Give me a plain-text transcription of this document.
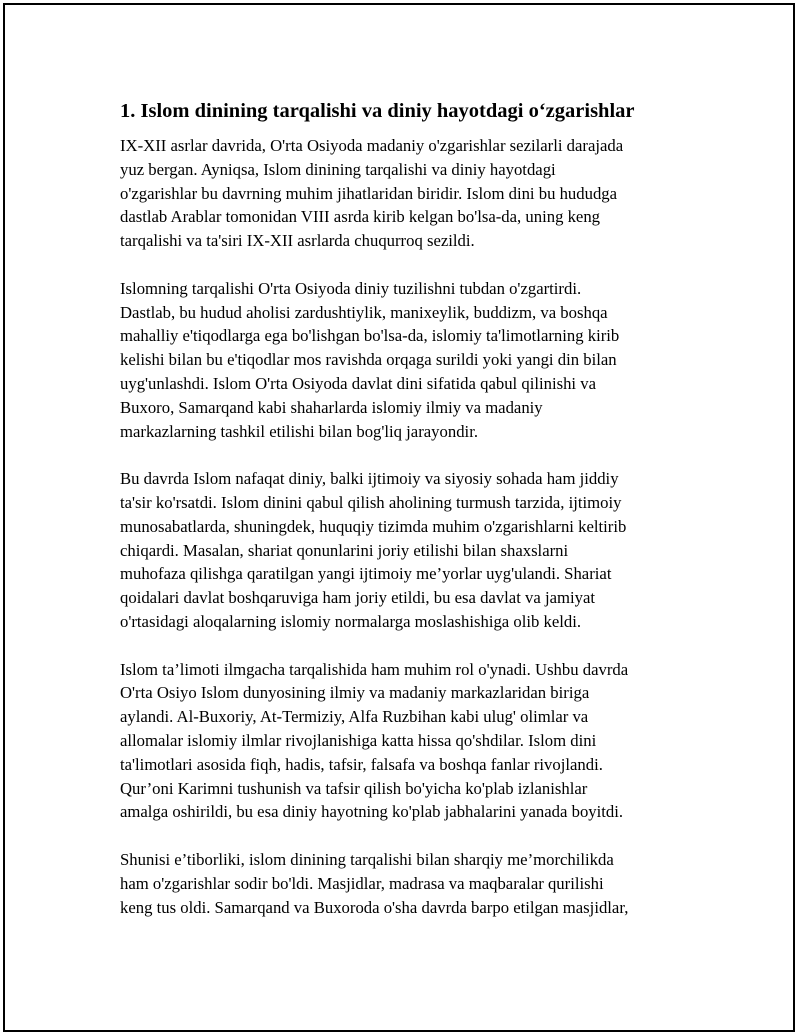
1. Islom dinining tarqalishi va diniy hayotdagi o‘zgarishlar

IX-XII asrlar davrida, O'rta Osiyoda madaniy o'zgarishlar sezilarli darajada
yuz bergan. Ayniqsa, Islom dinining tarqalishi va diniy hayotdagi
o'zgarishlar bu davrning muhim jihatlaridan biridir. Islom dini bu hududga
dastlab Arablar tomonidan VIII asrda kirib kelgan bo'lsa-da, uning keng
tarqalishi va ta'siri IX-XII asrlarda chuqurroq sezildi.

Islomning tarqalishi O'rta Osiyoda diniy tuzilishni tubdan o'zgartirdi.
Dastlab, bu hudud aholisi zardushtiylik, manixeylik, buddizm, va boshqa
mahalliy e'tiqodlarga ega bo'lishgan bo'lsa-da, islomiy ta'limotlarning kirib
kelishi bilan bu e'tiqodlar mos ravishda orqaga surildi yoki yangi din bilan
uyg'unlashdi. Islom O'rta Osiyoda davlat dini sifatida qabul qilinishi va
Buxoro, Samarqand kabi shaharlarda islomiy ilmiy va madaniy
markazlarning tashkil etilishi bilan bog'liq jarayondir.

Bu davrda Islom nafaqat diniy, balki ijtimoiy va siyosiy sohada ham jiddiy
ta'sir ko'rsatdi. Islom dinini qabul qilish aholining turmush tarzida, ijtimoiy
munosabatlarda, shuningdek, huquqiy tizimda muhim o'zgarishlarni keltirib
chiqardi. Masalan, shariat qonunlarini joriy etilishi bilan shaxslarni
muhofaza qilishga qaratilgan yangi ijtimoiy me’yorlar uyg'ulandi. Shariat
qoidalari davlat boshqaruviga ham joriy etildi, bu esa davlat va jamiyat
o'rtasidagi aloqalarning islomiy normalarga moslashishiga olib keldi.

Islom ta’limoti ilmgacha tarqalishida ham muhim rol o'ynadi. Ushbu davrda
O'rta Osiyo Islom dunyosining ilmiy va madaniy markazlaridan biriga
aylandi. Al-Buxoriy, At-Termiziy, Alfa Ruzbihan kabi ulug' olimlar va
allomalar islomiy ilmlar rivojlanishiga katta hissa qo'shdilar. Islom dini
ta'limotlari asosida fiqh, hadis, tafsir, falsafa va boshqa fanlar rivojlandi.
Qur’oni Karimni tushunish va tafsir qilish bo'yicha ko'plab izlanishlar
amalga oshirildi, bu esa diniy hayotning ko'plab jabhalarini yanada boyitdi.

Shunisi e’tiborliki, islom dinining tarqalishi bilan sharqiy me’morchilikda
ham o'zgarishlar sodir bo'ldi. Masjidlar, madrasa va maqbaralar qurilishi
keng tus oldi. Samarqand va Buxoroda o'sha davrda barpo etilgan masjidlar,
